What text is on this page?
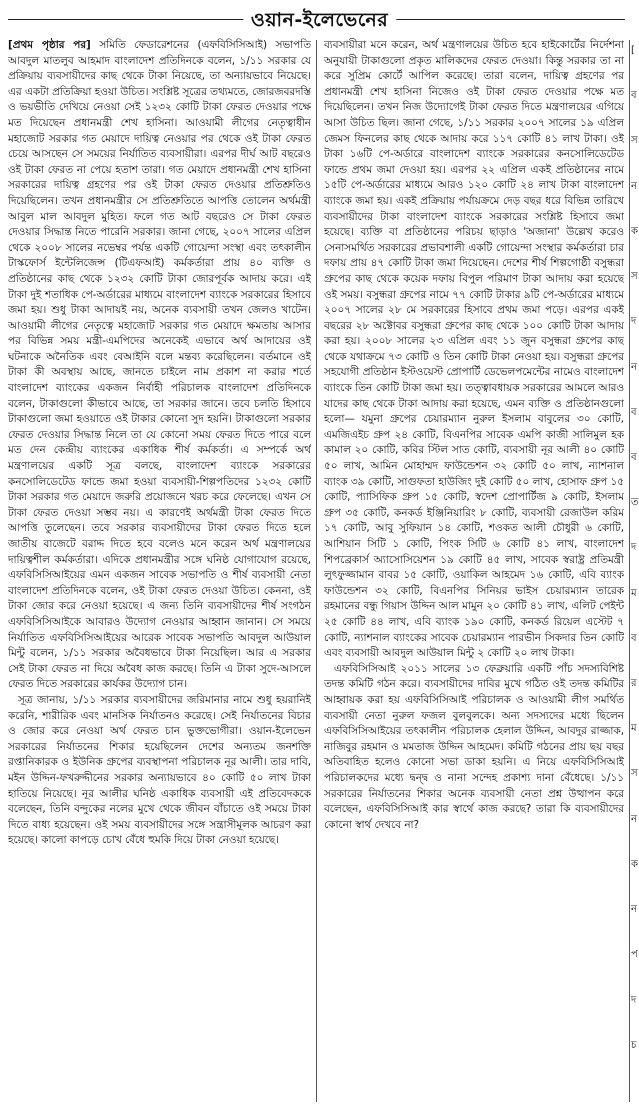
ওয়ান-ইলেভেনের

[প্রথম পৃষ্ঠার পর] সমিতি ফেডারেশনের (এফবিসিসিআই) সভাপতি আবদুল মাতলুব আহমাদ বাংলাদেশ প্রতিদিনকে বলেন, ১/১১ সরকার যে প্রক্রিয়ায় ব্যবসায়ীদের কাছ থেকে টাকা নিয়েছে, তা অন্যায়ভাবে নিয়েছে। এর একটা প্রতিক্রিয়া হওয়া উচিত। সংশ্লিষ্ট সূত্রের তথ্যমতে, জোরজবরদস্তি ও ভয়ভীতি দেখিয়ে নেওয়া সেই ১২৩২ কোটি টাকা ফেরত দেওয়ার পক্ষে মত দিয়েছেন প্রধানমন্ত্রী শেখ হাসিনা। আওয়ামী লীগের নেতৃত্বাধীন মহাজোট সরকার গত মেয়াদে দায়িত্ব নেওয়ার পর থেকে ওই টাকা ফেরত চেয়ে আসছেন সে সময়ের নির্যাতিত ব্যবসায়ীরা। এরপর দীর্ঘ আট বছরেও ওই টাকা ফেরত না পেয়ে হতাশ তারা। গত মেয়াদে প্রধানমন্ত্রী শেখ হাসিনা সরকারের দায়িত্ব গ্রহণের পর ওই টাকা ফেরত দেওয়ার প্রতিশ্রুতিও দিয়েছিলেন। তখন প্রধানমন্ত্রীর সে প্রতিশ্রুতিতে আপত্তি তোলেন অর্থমন্ত্রী আবুল মাল আবদুল মুহিত। ফলে গত আট বছরেও সে টাকা ফেরত দেওয়ার সিদ্ধান্ত নিতে পারেনি সরকার। জানা গেছে, ২০০৭ সালের এপ্রিল থেকে ২০০৮ সালের নভেম্বর পর্যন্ত একটি গোয়েন্দা সংস্থা এবং তৎকালীন টাস্কফোর্স ইন্টেলিজেন্স (টিএফআই) কর্মকর্তারা প্রায় ৪০ ব্যক্তি ও প্রতিষ্ঠানের কাছ থেকে ১২৩২ কোটি টাকা জোরপূর্বক আদায় করে। এই টাকা দুই শতাধিক পে-অর্ডারের মাধ্যমে বাংলাদেশ ব্যাংকে সরকারের হিসাবে জমা হয়। শুধু টাকা আদায়ই নয়, অনেক ব্যবসায়ী তখন জেলও খাটেন। আওয়ামী লীগের নেতৃত্বে মহাজোট সরকার গত মেয়াদে ক্ষমতায় আসার পর বিভিন্ন সময় মন্ত্রী-এমপিদের অনেকেই এভাবে অর্থ আদায়ের ওই ঘটনাকে অনৈতিক এবং বেআইনি বলে মন্তব্য করেছিলেন। বর্তমানে ওই টাকা কী অবস্থায় আছে, জানতে চাইলে নাম প্রকাশ না করার শর্তে বাংলাদেশ ব্যাংকের একজন নির্বাহী পরিচালক বাংলাদেশ প্রতিদিনকে বলেন, টাকাগুলো কীভাবে আছে, তা সরকার জানে। তবে চলতি হিসাবে টাকাগুলো জমা হওয়াতে ওই টাকার কোনো সুদ হয়নি। টাকাগুলো সরকার ফেরত দেওয়ার সিদ্ধান্ত নিলে তা যে কোনো সময় ফেরত দিতে পারে বলে মত দেন কেন্দ্রীয় ব্যাংকের একাধিক শীর্ষ কর্মকর্তা। এ সম্পর্কে অর্থ মন্ত্রণালয়ের একটি সূত্র বলছে, বাংলাদেশ ব্যাংকে সরকারের কনসোলিডেটেড ফান্ডে জমা হওয়া ব্যবসায়ী-শিল্পপতিদের ১২৩২ কোটি টাকা সরকার গত মেয়াদে জরুরি প্রয়োজনে খরচ করে ফেলেছে। এখন সে টাকা ফেরত দেওয়া সম্ভব নয়। এ কারণেই অর্থমন্ত্রী টাকা ফেরত দিতে আপত্তি তুলেছেন। তবে সরকার ব্যবসায়ীদের টাকা ফেরত দিতে হলে জাতীয় বাজেটে বরাদ্দ দিতে হবে বলেও মনে করেন অর্থ মন্ত্রণালয়ের দায়িত্বশীল কর্মকর্তারা। এদিকে প্রধানমন্ত্রীর সঙ্গে ঘনিষ্ঠ যোগাযোগ রয়েছে, এফবিসিসিআইয়ের এমন একজন সাবেক সভাপতি ও শীর্ষ ব্যবসায়ী নেতা বাংলাদেশ প্রতিদিনকে বলেন, ওই টাকা ফেরত দেওয়া উচিত। কেননা, ওই টাকা জোর করে নেওয়া হয়েছে। এ জন্য তিনি ব্যবসায়ীদের শীর্ষ সংগঠন এফবিসিসিআইকে আবারও উদ্যোগ নেওয়ার আহ্বান জানান। সে সময়ে নির্যাতিত এফবিসিসিআইয়ের আরেক সাবেক সভাপতি আবদুল আউয়াল মিন্টু বলেন, ১/১১ সরকার অবৈধভাবে টাকা নিয়েছিল। আর এ সরকার সেই টাকা ফেরত না দিয়ে অবৈধ কাজ করছে। তিনি এ টাকা সুদে-আসলে ফেরত দিতে সরকারের কার্যকর উদ্যোগ চান।

সূত্র জানায়, ১/১১ সরকার ব্যবসায়ীদের জরিমানার নামে শুধু হয়রানিই করেনি, শারীরিক এবং মানসিক নির্যাতনও করেছে। সেই নির্যাতনের বিচার ও জোর করে নেওয়া অর্থ ফেরত চান ভুক্তভোগীরা। ওয়ান-ইলেভেন সরকারের নির্যাতনের শিকার হয়েছিলেন দেশের অন্যতম জনশক্তি রপ্তানিকারক ও ইউনিক গ্রুপের ব্যবস্থাপনা পরিচালক নূর আলী। তার দাবি, মইন উদ্দিন-ফখরুদ্দীনের সরকার অন্যায়ভাবে ৪০ কোটি ৫০ লাখ টাকা হাতিয়ে নিয়েছে। নূর আলীর ঘনিষ্ঠ একাধিক ব্যবসায়ী এই প্রতিবেদককে বলেছেন, তিনি বন্দুকের নলের মুখে থেকে জীবন বাঁচাতে ওই সময়ে টাকা দিতে বাধ্য হয়েছেন। ওই সময় ব্যবসায়ীদের সঙ্গে সন্ত্রাসীমূলক আচরণ করা হয়েছে। কালো কাপড়ে চোখ বেঁধে হুমকি দিয়ে টাকা নেওয়া হয়েছে।

ব্যবসায়ীরা মনে করেন, অর্থ মন্ত্রণালয়ের উচিত হবে হাইকোর্টের নির্দেশনা অনুযায়ী টাকাগুলো প্রকৃত মালিকদের ফেরত দেওয়া। কিন্তু সরকার তা না করে সুপ্রিম কোর্টে আপিল করেছে। তারা বলেন, দায়িত্ব গ্রহণের পর প্রধানমন্ত্রী শেখ হাসিনা নিজেও ওই টাকা ফেরত দেওয়ার পক্ষে মত দিয়েছিলেন। তখন নিজ উদ্যোগেই টাকা ফেরত দিতে মন্ত্রণালয়ের এগিয়ে আসা উচিত ছিল। জানা গেছে, ১/১১ সরকার ২০০৭ সালের ১৯ এপ্রিল জেমস ফিনলের কাছ থেকে আদায় করে ১১৭ কোটি ৪১ লাখ টাকা। ওই টাকা ১৬টি পে-অর্ডারে বাংলাদেশ ব্যাংকে সরকারের কনসোলিডেটেড ফান্ডে প্রথম জমা দেওয়া হয়। এরপর ২২ এপ্রিল একই প্রতিষ্ঠানের নামে ১৫টি পে-অর্ডারের মাধ্যমে আরও ১২০ কোটি ২৪ লাখ টাকা বাংলাদেশ ব্যাংকে জমা হয়। একই প্রক্রিয়ায় পর্যায়ক্রমে দেড় বছর ধরে বিভিন্ন তারিখে ব্যবসায়ীদের টাকা বাংলাদেশ ব্যাংকে সরকারের সংশ্লিষ্ট হিসাবে জমা হয়েছে। ব্যক্তি বা প্রতিষ্ঠানের পরিচয় ছাড়াও 'অজানা' উল্লেখ করেও সেনাসমর্থিত সরকারের প্রভাবশালী একটি গোয়েন্দা সংস্থার কর্মকর্তারা চার দফায় প্রায় ৪৭ কোটি টাকা জমা দিয়েছেন। দেশের শীর্ষ শিল্পগোষ্ঠী বসুন্ধরা গ্রুপের কাছ থেকে কয়েক দফায় বিপুল পরিমাণ টাকা আদায় করা হয়েছে ওই সময়। বসুন্ধরা গ্রুপের নামে ৭৭ কোটি টাকার ৯টি পে-অর্ডারের মাধ্যমে ২০০৭ সালের ২৮ মে সরকারের হিসাবে প্রথম জমা পড়ে। এরপর একই বছরের ২৮ অক্টোবর বসুন্ধরা গ্রুপের কাছ থেকে ১০০ কোটি টাকা আদায় করা হয়। ২০০৮ সালের ২৩ এপ্রিল এবং ১১ জুন বসুন্ধরা গ্রুপের কাছ থেকে যথাক্রমে ৭৩ কোটি ও তিন কোটি টাকা নেওয়া হয়। বসুন্ধরা গ্রুপের সহযোগী প্রতিষ্ঠান ইস্টওয়েস্ট প্রোপার্টি ডেভেলপমেন্টের নামেও বাংলাদেশ ব্যাংকে তিন কোটি টাকা জমা হয়। তত্ত্বাবধায়ক সরকারের আমলে আরও যাদের কাছ থেকে টাকা আদায় করা হয়েছে, এমন ব্যক্তি ও প্রতিষ্ঠানগুলো হলো— যমুনা গ্রুপের চেয়ারম্যান নুরুল ইসলাম বাবুলের ৩০ কোটি, এমজিএইচ গ্রুপ ২৪ কোটি, বিএনপির সাবেক এমপি কাজী সালিমুল হক কামাল ২০ কোটি, কবির স্টিল সাত কোটি, ব্যবসায়ী নূর আলী ৪০ কোটি ৫০ লাখ, আমিন মোহাম্মদ ফাউন্ডেশন ৩২ কোটি ৫০ লাখ, ন্যাশনাল ব্যাংক ৩৯ কোটি, সাগুফতা হাউজিং দুই কোটি ৫০ লাখ, হোসাফ গ্রুপ ১৫ কোটি, প্যাসিফিক গ্রুপ ১৫ কোটি, স্বদেশ প্রোপার্টিজ ৯ কোটি, ইসলাম গ্রুপ ৩৫ কোটি, কনকর্ড ইঞ্জিনিয়ারিং ৮ কোটি, ব্যবসায়ী রেজাউল করিম ১৭ কোটি, আবু সুফিয়ান ১৪ কোটি, শওকত আলী চৌধুরী ৬ কোটি, আশিয়ান সিটি ১ কোটি, পিংক সিটি ৬ কোটি ৪১ লাখ, বাংলাদেশ শিপব্রেকার্স অ্যাসোসিয়েশন ১৯ কোটি ৪৫ লাখ, সাবেক স্বরাষ্ট্র প্রতিমন্ত্রী লুৎফুজ্জামান বাবর ১৫ কোটি, ওয়াকিল আহমেদ ১৬ কোটি, এবি ব্যাংক ফাউন্ডেশন ৩২ কোটি, বিএনপির সিনিয়র ভাইস চেয়ারম্যান তারেক রহমানের বন্ধু গিয়াস উদ্দিন আল মামুন ২০ কোটি ৪১ লাখ, এলিট পেইন্ট ২৫ কোটি ৪৪ লাখ, এবি ব্যাংক ১৯০ কোটি, কনকর্ড রিয়েল এস্টেট ৭ কোটি, ন্যাশনাল ব্যাংকের সাবেক চেয়ারম্যান পারভীন সিকদার তিন কোটি এবং ব্যবসায়ী আবদুল আউয়াল মিন্টু ২ কোটি ২০ লাখ টাকা।

এফবিসিসিআই ২০১১ সালের ১৩ ফেব্রুয়ারি একটি পাঁচ সদস্যবিশিষ্ট তদন্ত কমিটি গঠন করে। ব্যবসায়ীদের দাবির মুখে গঠিত ওই তদন্ত কমিটির আহ্বায়ক করা হয় এফবিসিসিআই পরিচালক ও আওয়ামী লীগ সমর্থিত ব্যবসায়ী নেতা নুরুল ফজল বুলবুলকে। অন্য সদস্যদের মধ্যে ছিলেন এফবিসিসিআইয়ের তৎকালীন পরিচালক হেলাল উদ্দিন, আবদুর রাজ্জাক, নাজিবুর রহমান ও মমতাজ উদ্দিন আহমেদ। কমিটি গঠনের প্রায় ছয় বছর অতিবাহিত হলেও কোনো সভা ডাকা হয়নি। এ নিয়ে এফবিসিসিআই পরিচালকদের মধ্যে দ্বন্দ্ব ও নানা সন্দেহ প্রকাশ্য দানা বেঁধেছে। ১/১১ সরকারের নির্যাতনের শিকার অনেক ব্যবসায়ী নেতা প্রশ্ন উত্থাপন করে বলেছেন, এফবিসিসিআই কার স্বার্থে কাজ করছে? তারা কি ব্যবসায়ীদের কোনো স্বার্থ দেখবে না?

[
ব
স
ন
ক
স
দ
ন
ব
ব
ত
দ
ম
ব
র
ম
স
ন
ক
ন
প
দ
চ
